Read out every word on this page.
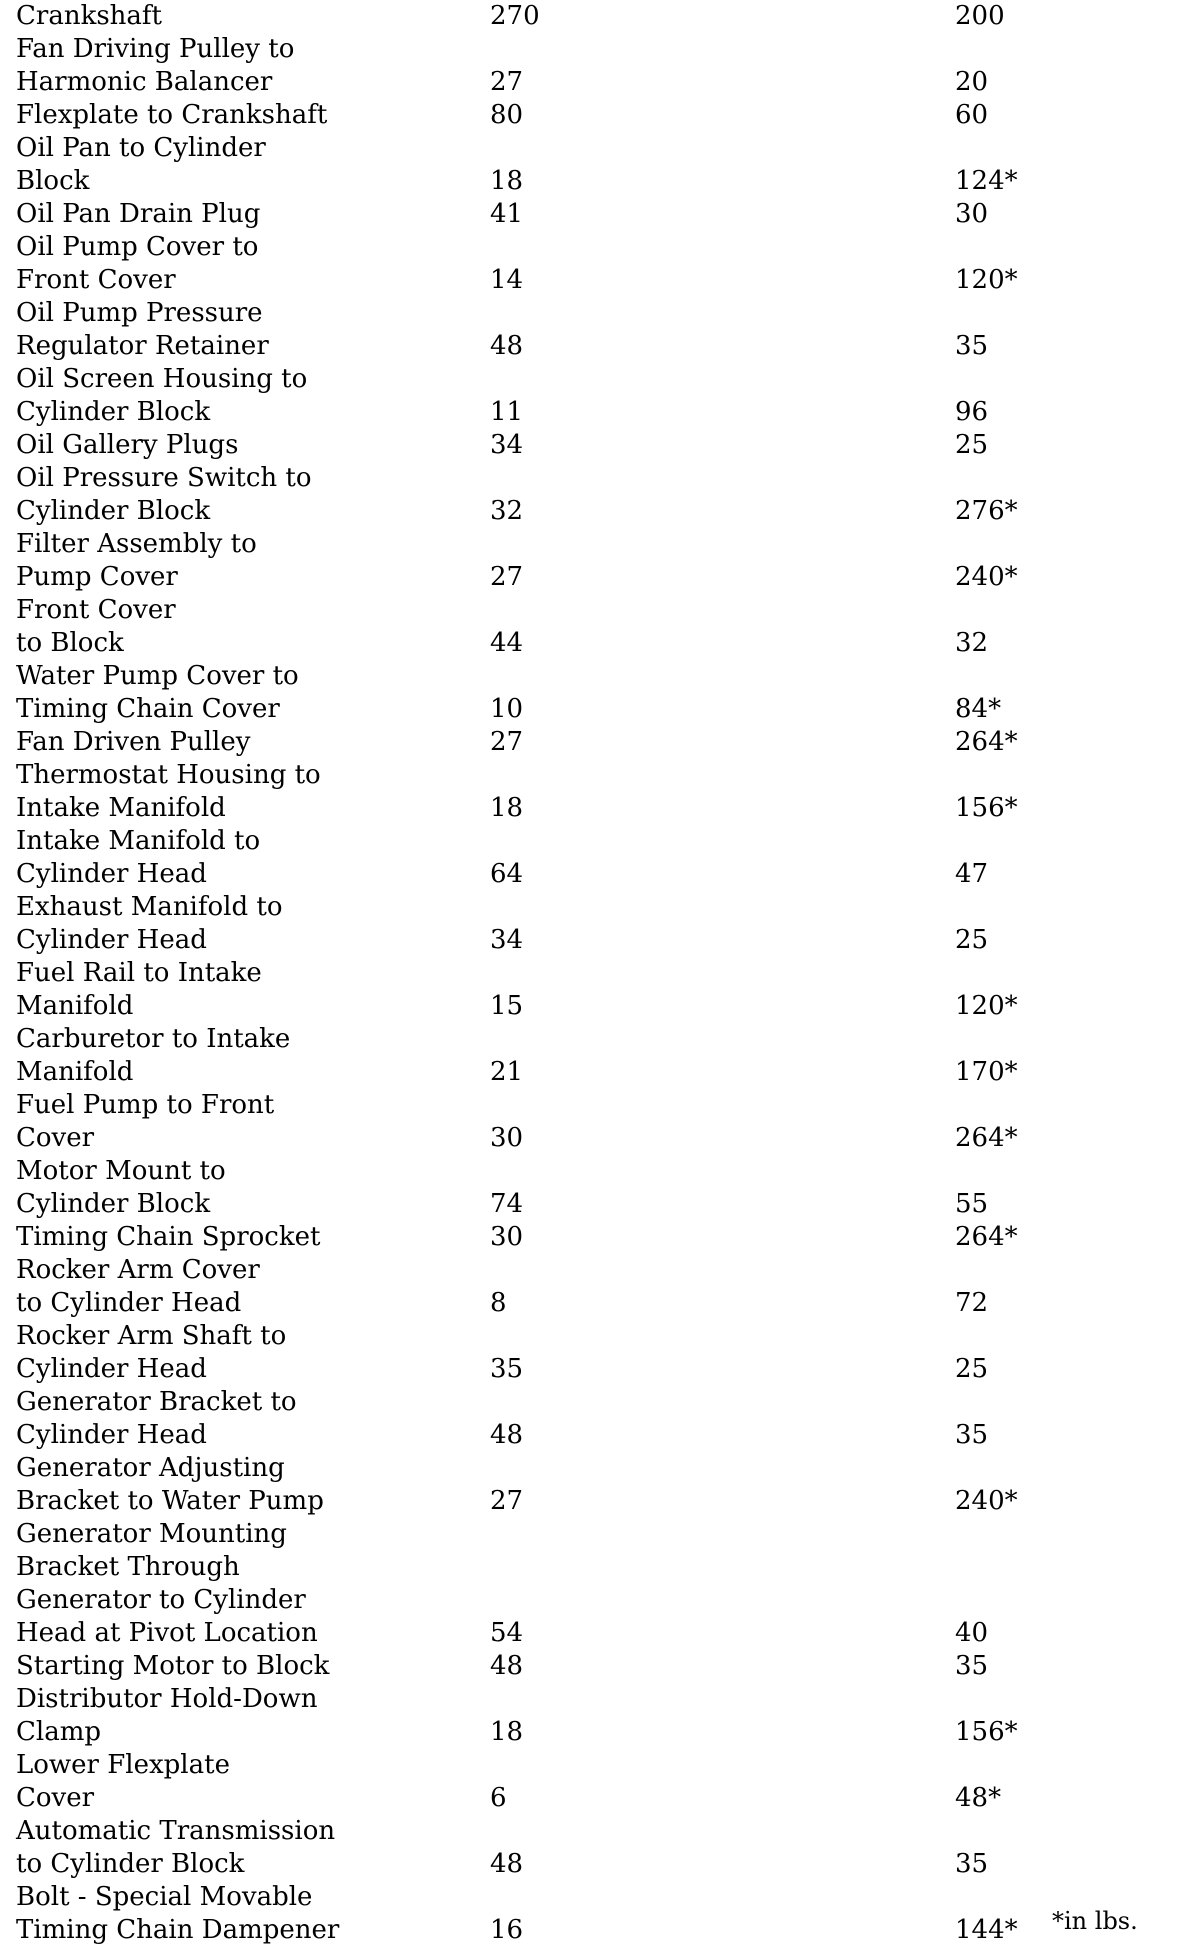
Crankshaft	270	200
Fan Driving Pulley to
Harmonic Balancer	27	20
Flexplate to Crankshaft	80	60
Oil Pan to Cylinder
Block	18	124*
Oil Pan Drain Plug	41	30
Oil Pump Cover to
Front Cover	14	120*
Oil Pump Pressure
Regulator Retainer	48	35
Oil Screen Housing to
Cylinder Block	11	96
Oil Gallery Plugs	34	25
Oil Pressure Switch to
Cylinder Block	32	276*
Filter Assembly to
Pump Cover	27	240*
Front Cover
to Block	44	32
Water Pump Cover to
Timing Chain Cover	10	84*
Fan Driven Pulley	27	264*
Thermostat Housing to
Intake Manifold	18	156*
Intake Manifold to
Cylinder Head	64	47
Exhaust Manifold to
Cylinder Head	34	25
Fuel Rail to Intake
Manifold	15	120*
Carburetor to Intake
Manifold	21	170*
Fuel Pump to Front
Cover	30	264*
Motor Mount to
Cylinder Block	74	55
Timing Chain Sprocket	30	264*
Rocker Arm Cover
to Cylinder Head	8	72
Rocker Arm Shaft to
Cylinder Head	35	25
Generator Bracket to
Cylinder Head	48	35
Generator Adjusting
Bracket to Water Pump	27	240*
Generator Mounting
Bracket Through
Generator to Cylinder
Head at Pivot Location	54	40
Starting Motor to Block	48	35
Distributor Hold-Down
Clamp	18	156*
Lower Flexplate
Cover	6	48*
Automatic Transmission
to Cylinder Block	48	35
Bolt - Special Movable
Timing Chain Dampener	16	144* *in lbs.
